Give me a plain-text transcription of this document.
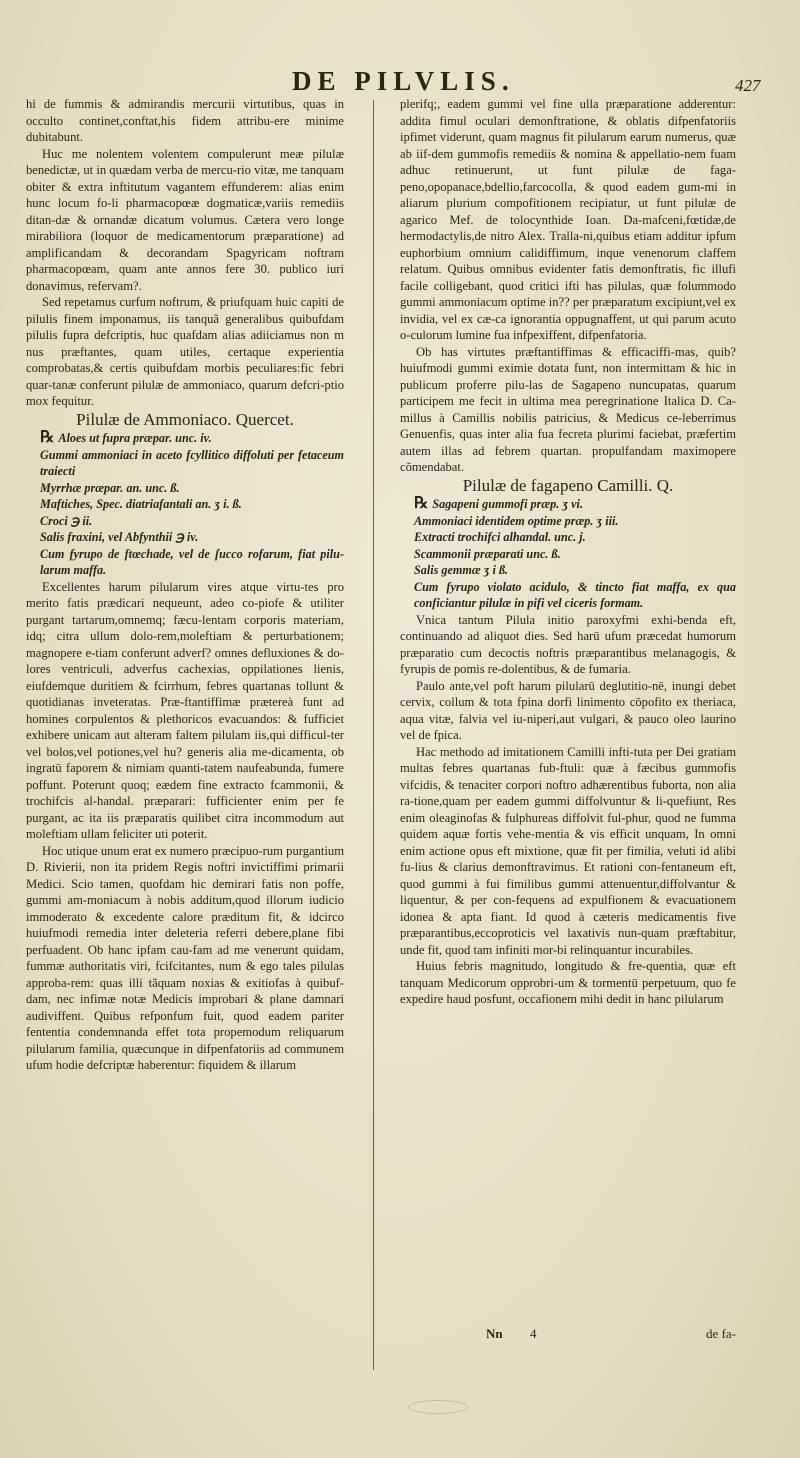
DE PILVLIS.	427

hi de fummis & admirandis mercurii virtutibus, quas in occulto continet,conftat,his fidem attribu-ere minime dubitabunt.

Huc me nolentem volentem compulerunt meæ pilulæ benedictæ, ut in quædam verba de mercu-rio vitæ, me tanquam obiter & extra inftitutum vagantem effunderem: alias enim hunc locum fo-li pharmacopœæ dogmaticæ,variis remediis ditan-dæ & ornandæ dicatum volumus. Cætera vero longe mirabiliora (loquor de medicamentorum præparatione) ad amplificandam & decorandam Spagyricam noftram pharmacopœam, quam ante annos fere 30. publico iuri donavimus, refervam?.

Sed repetamus curfum noftrum, & priufquam huic capiti de pilulis finem imponamus, iis tanquã generalibus quibufdam pilulis fupra defcriptis, huc quafdam alias adiiciamus non m nus præftantes, quam utiles, certaque experientia comprobatas,& certis quibufdam morbis peculiares:fic febri quar-tanæ conferunt pilulæ de ammoniaco, quarum defcri-ptio mox fequitur.

Pilulæ de Ammoniaco. Quercet.

℞ Aloes ut fupra præpar. unc. iv.

Gummi ammoniaci in aceto fcyllitico diffoluti per fetaceum traiecti

Myrrhæ præpar. an. unc. ß.

Maftiches, Spec. diatriafantali an. ʒ i. ß.

Croci ℈ ii.

Salis fraxini, vel Abfynthii ℈ iv.

Cum fyrupo de ftœchade, vel de ſucco rofarum, fiat pilu-larum maffa.

Excellentes harum pilularum vires atque virtu-tes pro merito fatis prædicari nequeunt, adeo co-piofe & utiliter purgant tartarum,omnemq; fæcu-lentam corporis materiam, idq; citra ullum dolo-rem,moleftiam & perturbationem; magnopere e-tiam conferunt adverf? omnes defluxiones & do-lores ventriculi, adverfus cachexias, oppilationes lienis, eiufdemque duritiem & fcirrhum, febres quartanas tollunt & quotidianas inveteratas. Præ-ftantiffimæ prætereà funt ad homines corpulentos & plethoricos evacuandos: & fufficiet exhibere unicam aut alteram faltem pilulam iis,qui difficul-ter vel bolos,vel potiones,vel hu? generis alia me-dicamenta, ob ingratū faporem & nimiam quanti-tatem naufeabunda, fumere poffunt. Poterunt quoq; eædem fine extracto fcammonii, & trochifcis al-handal. præparari: fufficienter enim per fe purgant, ac ita iis præparatis quilibet citra incommodum aut moleftiam ullam feliciter uti poterit.

Hoc utique unum erat ex numero præcipuo-rum purgantium D. Rivierii, non ita pridem Regis noftri invictiffimi primarii Medici. Scio tamen, quofdam hic demirari fatis non poffe, gummi am-moniacum à nobis additum,quod illorum iudicio immoderato & excedente calore præditum fit, & idcirco huiufmodi remedia inter deleteria referri debere,plane fibi perfuadent. Ob hanc ipfam cau-fam ad me venerunt quidam, fummæ authoritatis viri, fcifcitantes, num & ego tales pilulas approba-rem: quas illi tãquam noxias & exitiofas à quibuf-dam, nec infimæ notæ Medicis improbari & plane damnari audiviffent. Quibus refponfum fuit, quod eadem pariter fententia condemnanda effet tota propemodum reliquarum pilularum familia, quæcunque in difpenfatoriis ad communem ufum hodie defcriptæ haberentur: fiquidem & illarum

plerifq;, eadem gummi vel fine ulla præparatione adderentur: addita fimul oculari demonftratione, & oblatis difpenfatoriis ipfimet viderunt, quam magnus fit pilularum earum numerus, quæ ab iif-dem gummofis remediis & nomina & appellatio-nem fuam adhuc retinuerunt, ut funt pilulæ de faga-peno,opopanace,bdellio,farcocolla, & quod eadem gum-mi in aliarum plurium compofitionem recipiatur, ut funt pilulæ de agarico Mef. de tolocynthide Ioan. Da-mafceni,fœtidæ,de hermodactylis,de nitro Alex. Tralla-ni,quibus etiam additur ipfum euphorbium omnium calidiffimum, inque venenorum claffem relatum. Quibus omnibus evidenter fatis demonftratis, fic illufi facile colligebant, quod critici ifti has pilulas, quæ folummodo gummi ammoniacum optime in?? per præparatum excipiunt,vel ex invidia, vel ex cæ-ca ignorantia oppugnaffent, ut qui parum acuto o-culorum lumine fua infpexiffent, difpenfatoria.

Ob has virtutes præftantiffimas & efficaciffi-mas, quib? huiufmodi gummi eximie dotata funt, non intermittam & hic in publicum proferre pilu-las de Sagapeno nuncupatas, quarum participem me fecit in ultima mea peregrinatione Italica D. Ca-millus à Camillis nobilis patricius, & Medicus ce-leberrimus Genuenfis, quas inter alia fua fecreta plurimi faciebat, præfertim autem illas ad febrem quartan. propulfandam maximopere cõmendabat.

Pilulæ de fagapeno Camilli. Q.

℞ Sagapeni gummofi præp. ʒ vi.

Ammoniaci identidem optime præp. ʒ iii.

Extracti trochifci alhandal. unc. j.

Scammonii præparati unc. ß.

Salis gemmæ ʒ i ß.

Cum fyrupo violato acidulo, & tincto fiat maffa, ex qua conficiantur pilulæ in pifi vel ciceris formam.

Vnica tantum Pilula initio paroxyfmi exhi-benda eft, continuando ad aliquot dies. Sed harū ufum præcedat humorum præparatio cum decoctis noftris præparantibus melanagogis, & fyrupis de pomis re-dolentibus, & de fumaria.

Paulo ante,vel poft harum pilularū deglutitio-nē, inungi debet cervix, collum & tota fpina dorfi linimento cōpofito ex theriaca, aqua vitæ, falvia vel iu-niperi,aut vulgari, & pauco oleo laurino vel de fpica.

Hac methodo ad imitationem Camilli infti-tuta per Dei gratiam multas febres quartanas fub-ftuli: quæ à fæcibus gummofis vifcidis, & tenaciter corpori noftro adhærentibus fuborta, non alia ra-tione,quam per eadem gummi diffolvuntur & li-quefiunt, Res enim oleaginofas & fulphureas diffolvit ful-phur, quod ne fumma quidem aquæ fortis vehe-mentia & vis efficit unquam, In omni enim actione opus eft mixtione, quæ fit per fimilia, veluti id alibi fu-lius & clarius demonftravimus. Et rationi con-fentaneum eft, quod gummi à fui fimilibus gummi attenuentur,diffolvantur & liquentur, & per con-fequens ad expulfionem & evacuationem idonea & apta fiant. Id quod à cæteris medicamentis five præparantibus,eccoproticis vel laxativis nun-quam præftabitur, unde fit, quod tam infiniti mor-bi relinquantur incurabiles.

Huius febris magnitudo, longitudo & fre-quentia, quæ eft tanquam Medicorum opprobri-um & tormentū perpetuum, quo fe expedire haud posfunt, occafionem mihi dedit in hanc pilularum

Nn 4	de fa-
